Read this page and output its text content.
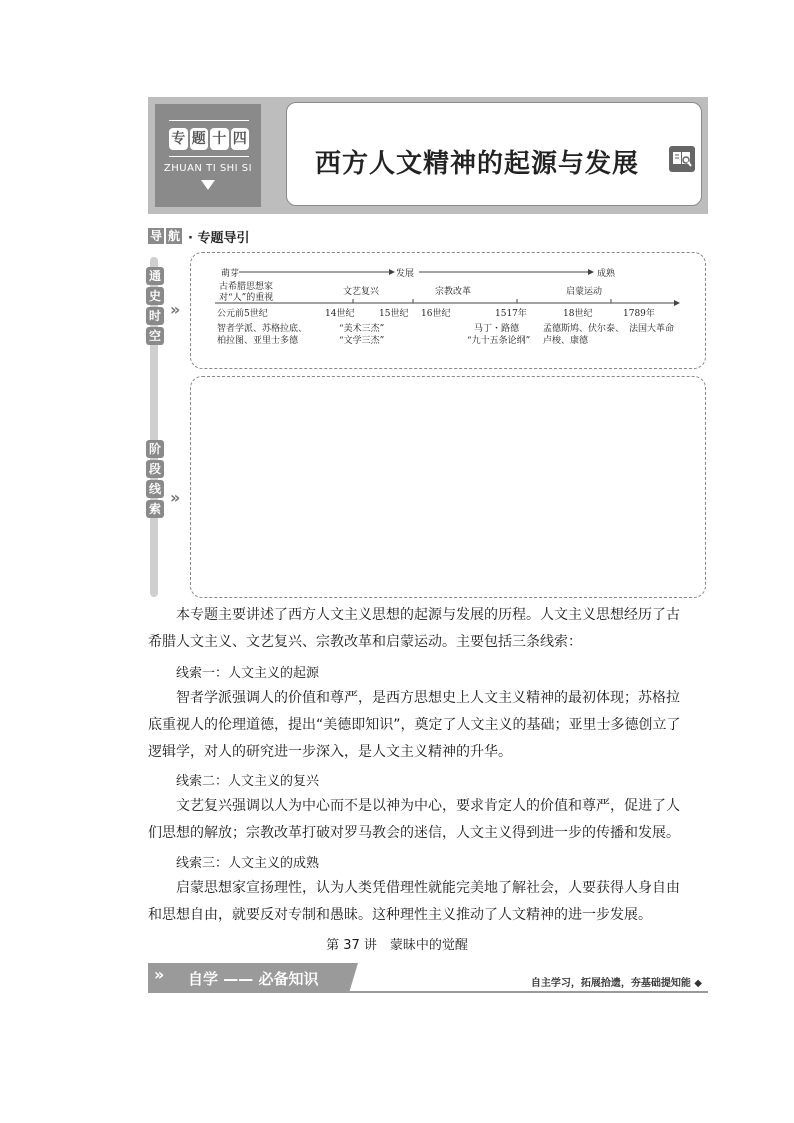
专 题 十 四
ZHUAN TI SHI SI	西方人文精神的起源与发展
导 航 · 专题导引
通
史
时
空
»
阶
段
线
索
»
萌芽	发展	成熟
古希腊思想家
对“人”的重视
文艺复兴	宗教改革	启蒙运动
公元前5世纪	14世纪	15世纪 16世纪	1517年	18世纪	1789年
智者学派、苏格拉底、
柏拉图、亚里士多德
“美术三杰”
“文学三杰”
马丁・路德
“九十五条论纲”
孟德斯鸠、伏尔泰、
卢梭、康德
法国大革命
本专题主要讲述了西方人文主义思想的起源与发展的历程。人文主义思想经历了古希腊人文主义、文艺复兴、宗教改革和启蒙运动。主要包括三条线索：
线索一：人文主义的起源
智者学派强调人的价值和尊严，是西方思想史上人文主义精神的最初体现；苏格拉底重视人的伦理道德，提出“美德即知识”，奠定了人文主义的基础；亚里士多德创立了逻辑学，对人的研究进一步深入，是人文主义精神的升华。
线索二：人文主义的复兴
文艺复兴强调以人为中心而不是以神为中心，要求肯定人的价值和尊严，促进了人们思想的解放；宗教改革打破对罗马教会的迷信，人文主义得到进一步的传播和发展。
线索三：人文主义的成熟
启蒙思想家宣扬理性，认为人类凭借理性就能完美地了解社会，人要获得人身自由和思想自由，就要反对专制和愚昧。这种理性主义推动了人文精神的进一步发展。
第 37 讲　蒙昧中的觉醒
» 自学 —— 必备知识	自主学习，拓展拾遗，夯基础提知能 ◆
